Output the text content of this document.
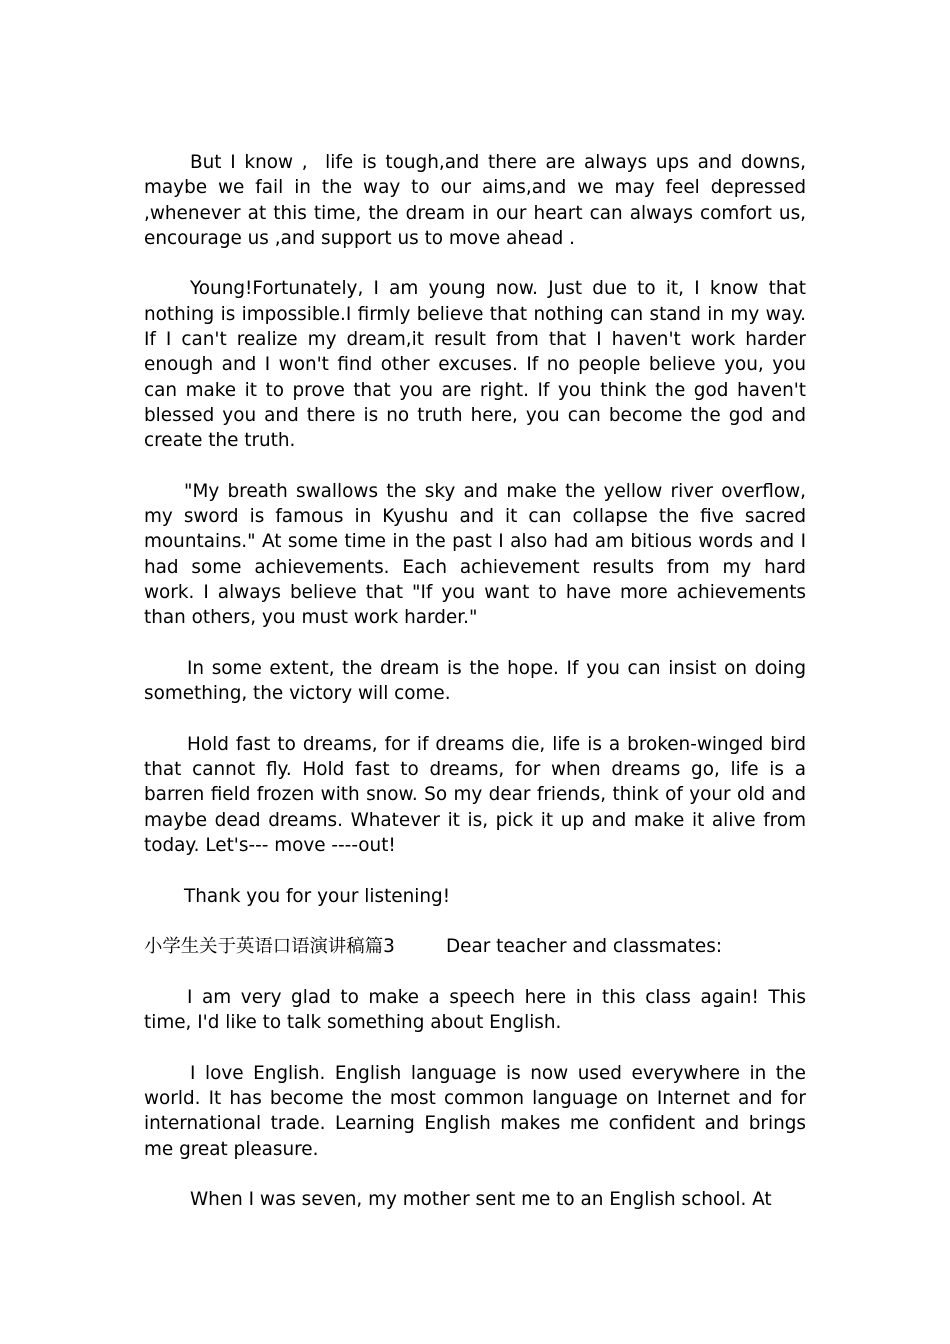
But I know ,  life is tough,and there are always ups and downs, maybe we fail in the way to our aims,and we may feel depressed ,whenever at this time, the dream in our heart can always comfort us, encourage us ,and support us to move ahead .

Young!Fortunately, I am young now. Just due to it, I know that nothing is impossible.I firmly believe that nothing can stand in my way. If I can't realize my dream,it result from that I haven't work harder enough and I won't find other excuses. If no people believe you, you can make it to prove that you are right. If you think the god haven't blessed you and there is no truth here, you can become the god and create the truth.

"My breath swallows the sky and make the yellow river overflow, my sword is famous in Kyushu and it can collapse the five sacred mountains." At some time in the past I also had am bitious words and I had some achievements. Each achievement results from my hard work. I always believe that "If you want to have more achievements than others, you must work harder."

In some extent, the dream is the hope. If you can insist on doing something, the victory will come.

Hold fast to dreams, for if dreams die, life is a broken-winged bird that cannot fly. Hold fast to dreams, for when dreams go, life is a barren field frozen with snow. So my dear friends, think of your old and maybe dead dreams. Whatever it is, pick it up and make it alive from today. Let's--- move ----out!

Thank you for your listening!

小学生关于英语口语演讲稿篇3	Dear teacher and classmates:

I am very glad to make a speech here in this class again! This time, I'd like to talk something about English.

I love English. English language is now used everywhere in the world. It has become the most common language on Internet and for international trade. Learning English makes me confident and brings me great pleasure.

When I was seven, my mother sent me to an English school. At
